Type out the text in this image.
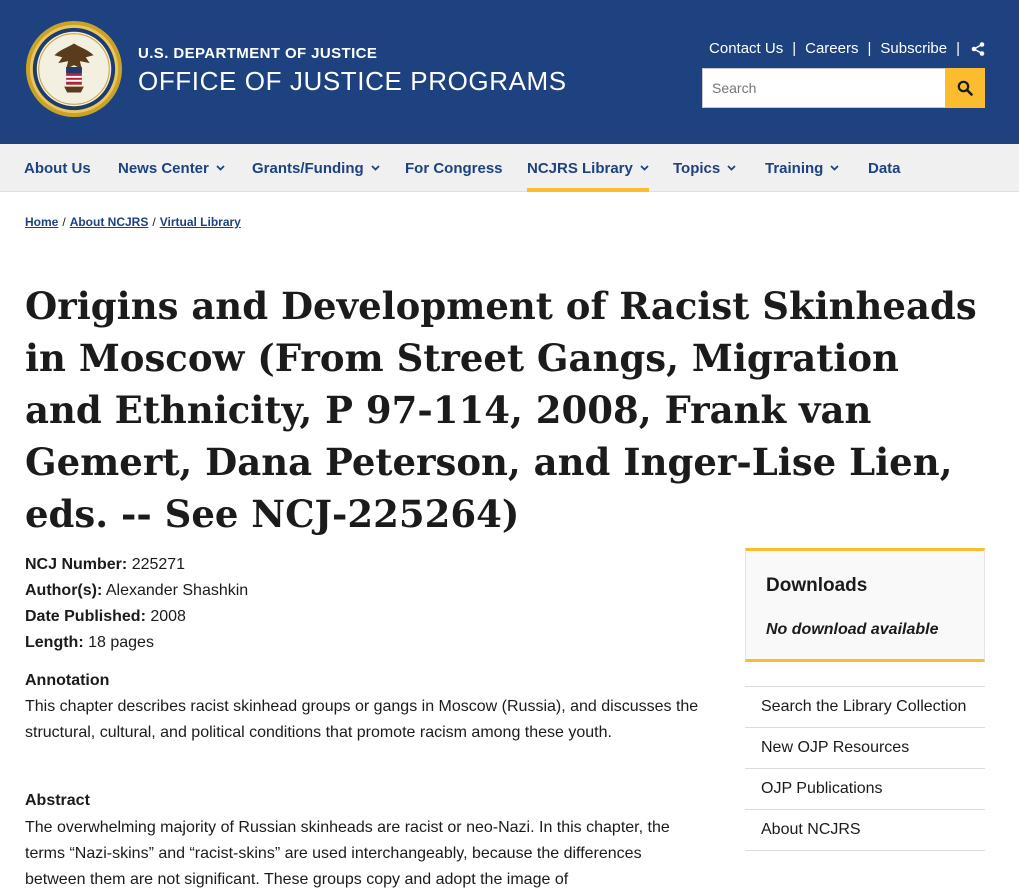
U.S. DEPARTMENT OF JUSTICE
OFFICE OF JUSTICE PROGRAMS
Contact Us | Careers | Subscribe |
Search
About Us News Center	Grants/Funding	For Congress NCJRS Library	Topics	Training	Data
Home / About NCJRS / Virtual Library
Origins and Development of Racist Skinheads in Moscow (From Street Gangs, Migration and Ethnicity, P 97-114, 2008, Frank van Gemert, Dana Peterson, and Inger-Lise Lien, eds. -- See NCJ-225264)
NCJ Number: 225271
Author(s): Alexander Shashkin
Date Published: 2008
Length: 18 pages
Annotation
This chapter describes racist skinhead groups or gangs in Moscow (Russia), and discusses the structural, cultural, and political conditions that promote racism among these youth.
Abstract
The overwhelming majority of Russian skinheads are racist or neo-Nazi. In this chapter, the terms “Nazi-skins” and “racist-skins” are used interchangeably, because the differences between them are not significant. These groups copy and adopt the image of
Downloads
No download available
Search the Library Collection
New OJP Resources
OJP Publications
About NCJRS
